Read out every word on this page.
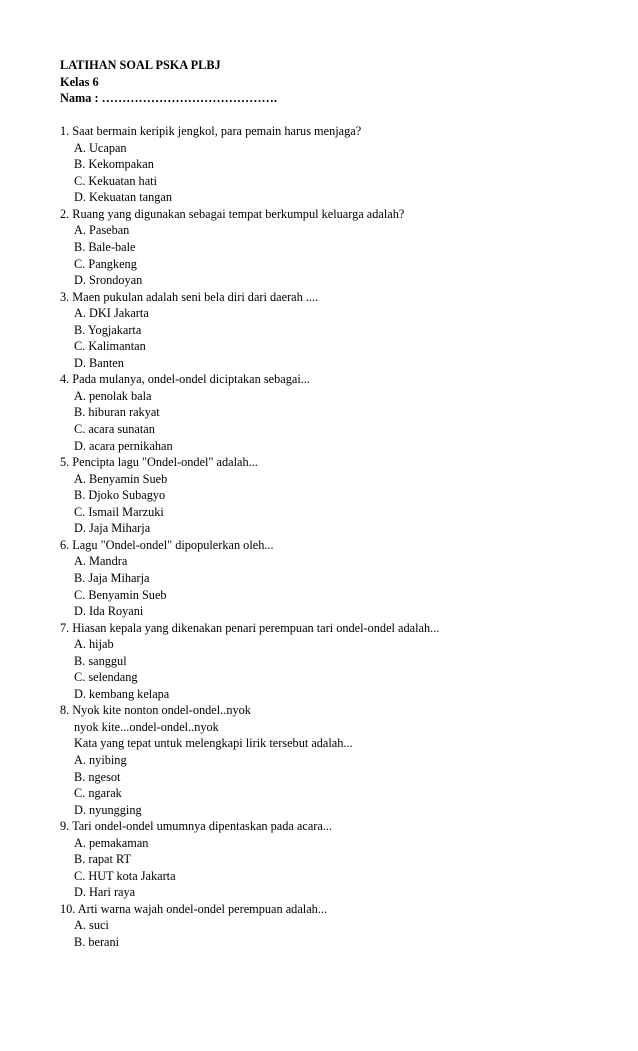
LATIHAN SOAL PSKA PLBJ
Kelas 6
Nama : …………………………………….
1. Saat bermain keripik jengkol, para pemain harus menjaga?
A. Ucapan
B. Kekompakan
C. Kekuatan hati
D. Kekuatan tangan
2. Ruang yang digunakan sebagai tempat berkumpul keluarga adalah?
A. Paseban
B. Bale-bale
C. Pangkeng
D. Srondoyan
3. Maen pukulan adalah seni bela diri dari daerah ....
A. DKI Jakarta
B. Yogjakarta
C. Kalimantan
D. Banten
4. Pada mulanya, ondel-ondel diciptakan sebagai...
A. penolak bala
B. hiburan rakyat
C. acara sunatan
D. acara pernikahan
5. Pencipta lagu "Ondel-ondel" adalah...
A. Benyamin Sueb
B. Djoko Subagyo
C. Ismail Marzuki
D. Jaja Miharja
6. Lagu "Ondel-ondel" dipopulerkan oleh...
A. Mandra
B. Jaja Miharja
C. Benyamin Sueb
D. Ida Royani
7. Hiasan kepala yang dikenakan penari perempuan tari ondel-ondel adalah...
A. hijab
B. sanggul
C. selendang
D. kembang kelapa
8. Nyok kite nonton ondel-ondel..nyok
nyok kite...ondel-ondel..nyok
Kata yang tepat untuk melengkapi lirik tersebut adalah...
A. nyibing
B. ngesot
C. ngarak
D. nyungging
9. Tari ondel-ondel umumnya dipentaskan pada acara...
A. pemakaman
B. rapat RT
C. HUT kota Jakarta
D. Hari raya
10. Arti warna wajah ondel-ondel perempuan adalah...
A. suci
B. berani
